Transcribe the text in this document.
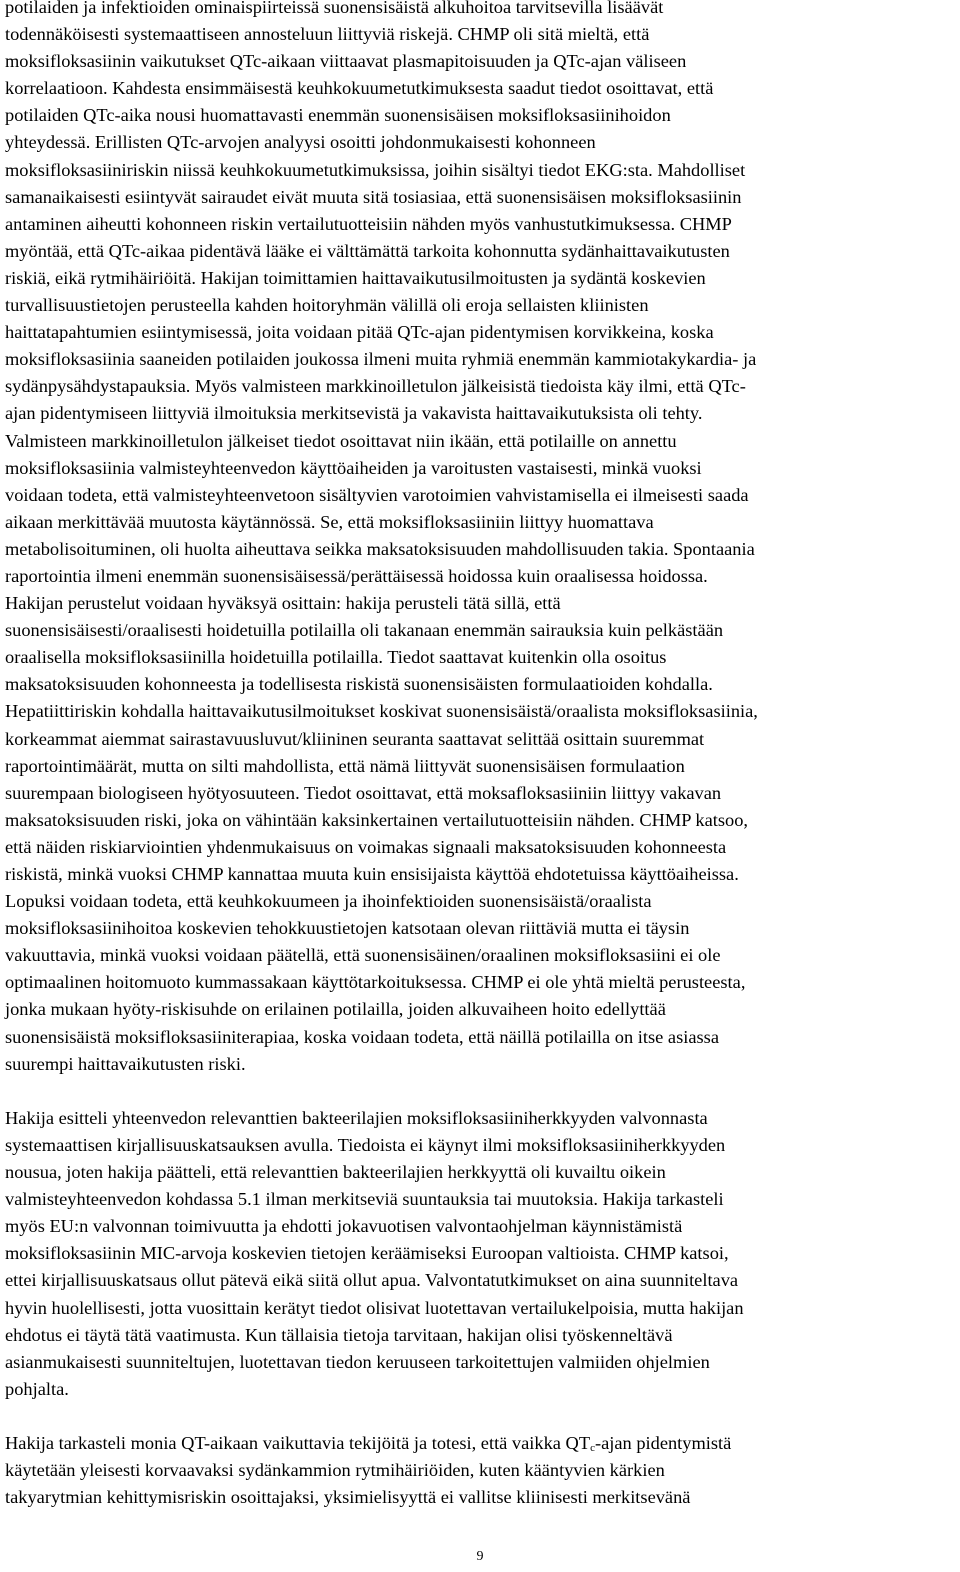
potilaiden ja infektioiden ominaispiirteissä suonensisäistä alkuhoitoa tarvitsevilla lisäävät
todennäköisesti systemaattiseen annosteluun liittyviä riskejä. CHMP oli sitä mieltä, että
moksifloksasiinin vaikutukset QTc-aikaan viittaavat plasmapitoisuuden ja QTc-ajan väliseen
korrelaatioon. Kahdesta ensimmäisestä keuhkokuumetutkimuksesta saadut tiedot osoittavat, että
potilaiden QTc-aika nousi huomattavasti enemmän suonensisäisen moksifloksasiinihoidon
yhteydessä. Erillisten QTc-arvojen analyysi osoitti johdonmukaisesti kohonneen
moksifloksasiiniriskin niissä keuhkokuumetutkimuksissa, joihin sisältyi tiedot EKG:sta. Mahdolliset
samanaikaisesti esiintyvät sairaudet eivät muuta sitä tosiasiaa, että suonensisäisen moksifloksasiinin
antaminen aiheutti kohonneen riskin vertailutuotteisiin nähden myös vanhustutkimuksessa. CHMP
myöntää, että QTc-aikaa pidentävä lääke ei välttämättä tarkoita kohonnutta sydänhaittavaikutusten
riskiä, eikä rytmihäiriöitä. Hakijan toimittamien haittavaikutusilmoitusten ja sydäntä koskevien
turvallisuustietojen perusteella kahden hoitoryhmän välillä oli eroja sellaisten kliinisten
haittatapahtumien esiintymisessä, joita voidaan pitää QTc-ajan pidentymisen korvikkeina, koska
moksifloksasiinia saaneiden potilaiden joukossa ilmeni muita ryhmiä enemmän kammiotakykardia- ja
sydänpysähdystapauksia. Myös valmisteen markkinoilletulon jälkeisistä tiedoista käy ilmi, että QTc-
ajan pidentymiseen liittyviä ilmoituksia merkitsevistä ja vakavista haittavaikutuksista oli tehty.
Valmisteen markkinoilletulon jälkeiset tiedot osoittavat niin ikään, että potilaille on annettu
moksifloksasiinia valmisteyhteenvedon käyttöaiheiden ja varoitusten vastaisesti, minkä vuoksi
voidaan todeta, että valmisteyhteenvetoon sisältyvien varotoimien vahvistamisella ei ilmeisesti saada
aikaan merkittävää muutosta käytännössä. Se, että moksifloksasiiniin liittyy huomattava
metabolisoituminen, oli huolta aiheuttava seikka maksatoksisuuden mahdollisuuden takia. Spontaania
raportointia ilmeni enemmän suonensisäisessä/perättäisessä hoidossa kuin oraalisessa hoidossa.
Hakijan perustelut voidaan hyväksyä osittain: hakija perusteli tätä sillä, että
suonensisäisesti/oraalisesti hoidetuilla potilailla oli takanaan enemmän sairauksia kuin pelkästään
oraalisella moksifloksasiinilla hoidetuilla potilailla. Tiedot saattavat kuitenkin olla osoitus
maksatoksisuuden kohonneesta ja todellisesta riskistä suonensisäisten formulaatioiden kohdalla.
Hepatiittiriskin kohdalla haittavaikutusilmoitukset koskivat suonensisäistä/oraalista moksifloksasiinia,
korkeammat aiemmat sairastavuusluvut/kliininen seuranta saattavat selittää osittain suuremmat
raportointimäärät, mutta on silti mahdollista, että nämä liittyvät suonensisäisen formulaation
suurempaan biologiseen hyötyosuuteen. Tiedot osoittavat, että moksafloksasiiniin liittyy vakavan
maksatoksisuuden riski, joka on vähintään kaksinkertainen vertailutuotteisiin nähden. CHMP katsoo,
että näiden riskiarviointien yhdenmukaisuus on voimakas signaali maksatoksisuuden kohonneesta
riskistä, minkä vuoksi CHMP kannattaa muuta kuin ensisijaista käyttöä ehdotetuissa käyttöaiheissa.
Lopuksi voidaan todeta, että keuhkokuumeen ja ihoinfektioiden suonensisäistä/oraalista
moksifloksasiinihoitoa koskevien tehokkuustietojen katsotaan olevan riittäviä mutta ei täysin
vakuuttavia, minkä vuoksi voidaan päätellä, että suonensisäinen/oraalinen moksifloksasiini ei ole
optimaalinen hoitomuoto kummassakaan käyttötarkoituksessa. CHMP ei ole yhtä mieltä perusteesta,
jonka mukaan hyöty-riskisuhde on erilainen potilailla, joiden alkuvaiheen hoito edellyttää
suonensisäistä moksifloksasiiniterapiaa, koska voidaan todeta, että näillä potilailla on itse asiassa
suurempi haittavaikutusten riski.
Hakija esitteli yhteenvedon relevanttien bakteerilajien moksifloksasiiniherkkyyden valvonnasta
systemaattisen kirjallisuuskatsauksen avulla. Tiedoista ei käynyt ilmi moksifloksasiiniherkkyyden
nousua, joten hakija päätteli, että relevanttien bakteerilajien herkkyyttä oli kuvailtu oikein
valmisteyhteenvedon kohdassa 5.1 ilman merkitseviä suuntauksia tai muutoksia. Hakija tarkasteli
myös EU:n valvonnan toimivuutta ja ehdotti jokavuotisen valvontaohjelman käynnistämistä
moksifloksasiinin MIC-arvoja koskevien tietojen keräämiseksi Euroopan valtioista. CHMP katsoi,
ettei kirjallisuuskatsaus ollut pätevä eikä siitä ollut apua. Valvontatutkimukset on aina suunniteltava
hyvin huolellisesti, jotta vuosittain kerätyt tiedot olisivat luotettavan vertailukelpoisia, mutta hakijan
ehdotus ei täytä tätä vaatimusta. Kun tällaisia tietoja tarvitaan, hakijan olisi työskenneltävä
asianmukaisesti suunniteltujen, luotettavan tiedon keruuseen tarkoitettujen valmiiden ohjelmien
pohjalta.
Hakija tarkasteli monia QT-aikaan vaikuttavia tekijöitä ja totesi, että vaikka $QT_c$-ajan pidentymistä
käytetään yleisesti korvaavaksi sydänkammion rytmihäiriöiden, kuten kääntyvien kärkien
takyarytmian kehittymisriskin osoittajaksi, yksimielisyyttä ei vallitse kliinisesti merkitsevänä
9
